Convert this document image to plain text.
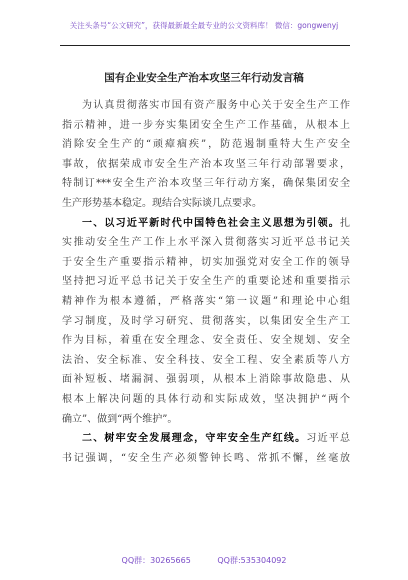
关注头条号“公文研究”，获得最新最全最专业的公文资料库！ 微信：gongwenyj
国有企业安全生产治本攻坚三年行动发言稿
为认真贯彻落实市国有资产服务中心关于安全生产工作
指示精神，进一步夯实集团安全生产工作基础，从根本上
消除安全生产的“顽瘴痼疾”，防范遏制重特大生产安全
事故，依据荣成市安全生产治本攻坚三年行动部署要求，
特制订***安全生产治本攻坚三年行动方案，确保集团安全
生产形势基本稳定。现结合实际谈几点要求。
一、以习近平新时代中国特色社会主义思想为引领。扎
实推动安全生产工作上水平深入贯彻落实习近平总书记关
于安全生产重要指示精神，切实加强党对安全工作的领导
坚持把习近平总书记关于安全生产的重要论述和重要指示
精神作为根本遵循，严格落实“第一议题”和理论中心组
学习制度，及时学习研究、贯彻落实，以集团安全生产工
作为目标，着重在安全理念、安全责任、安全规划、安全
法治、安全标准、安全科技、安全工程、安全素质等八方
面补短板、堵漏洞、强弱项，从根本上消除事故隐患、从
根本上解决问题的具体行动和实际成效，坚决拥护“两个
确立”、做到“两个维护”。
二、树牢安全发展理念，守牢安全生产红线。习近平总
书记强调，“安全生产必须警钟长鸣、常抓不懈，丝毫放
QQ群：30265665	QQ群:535304092
